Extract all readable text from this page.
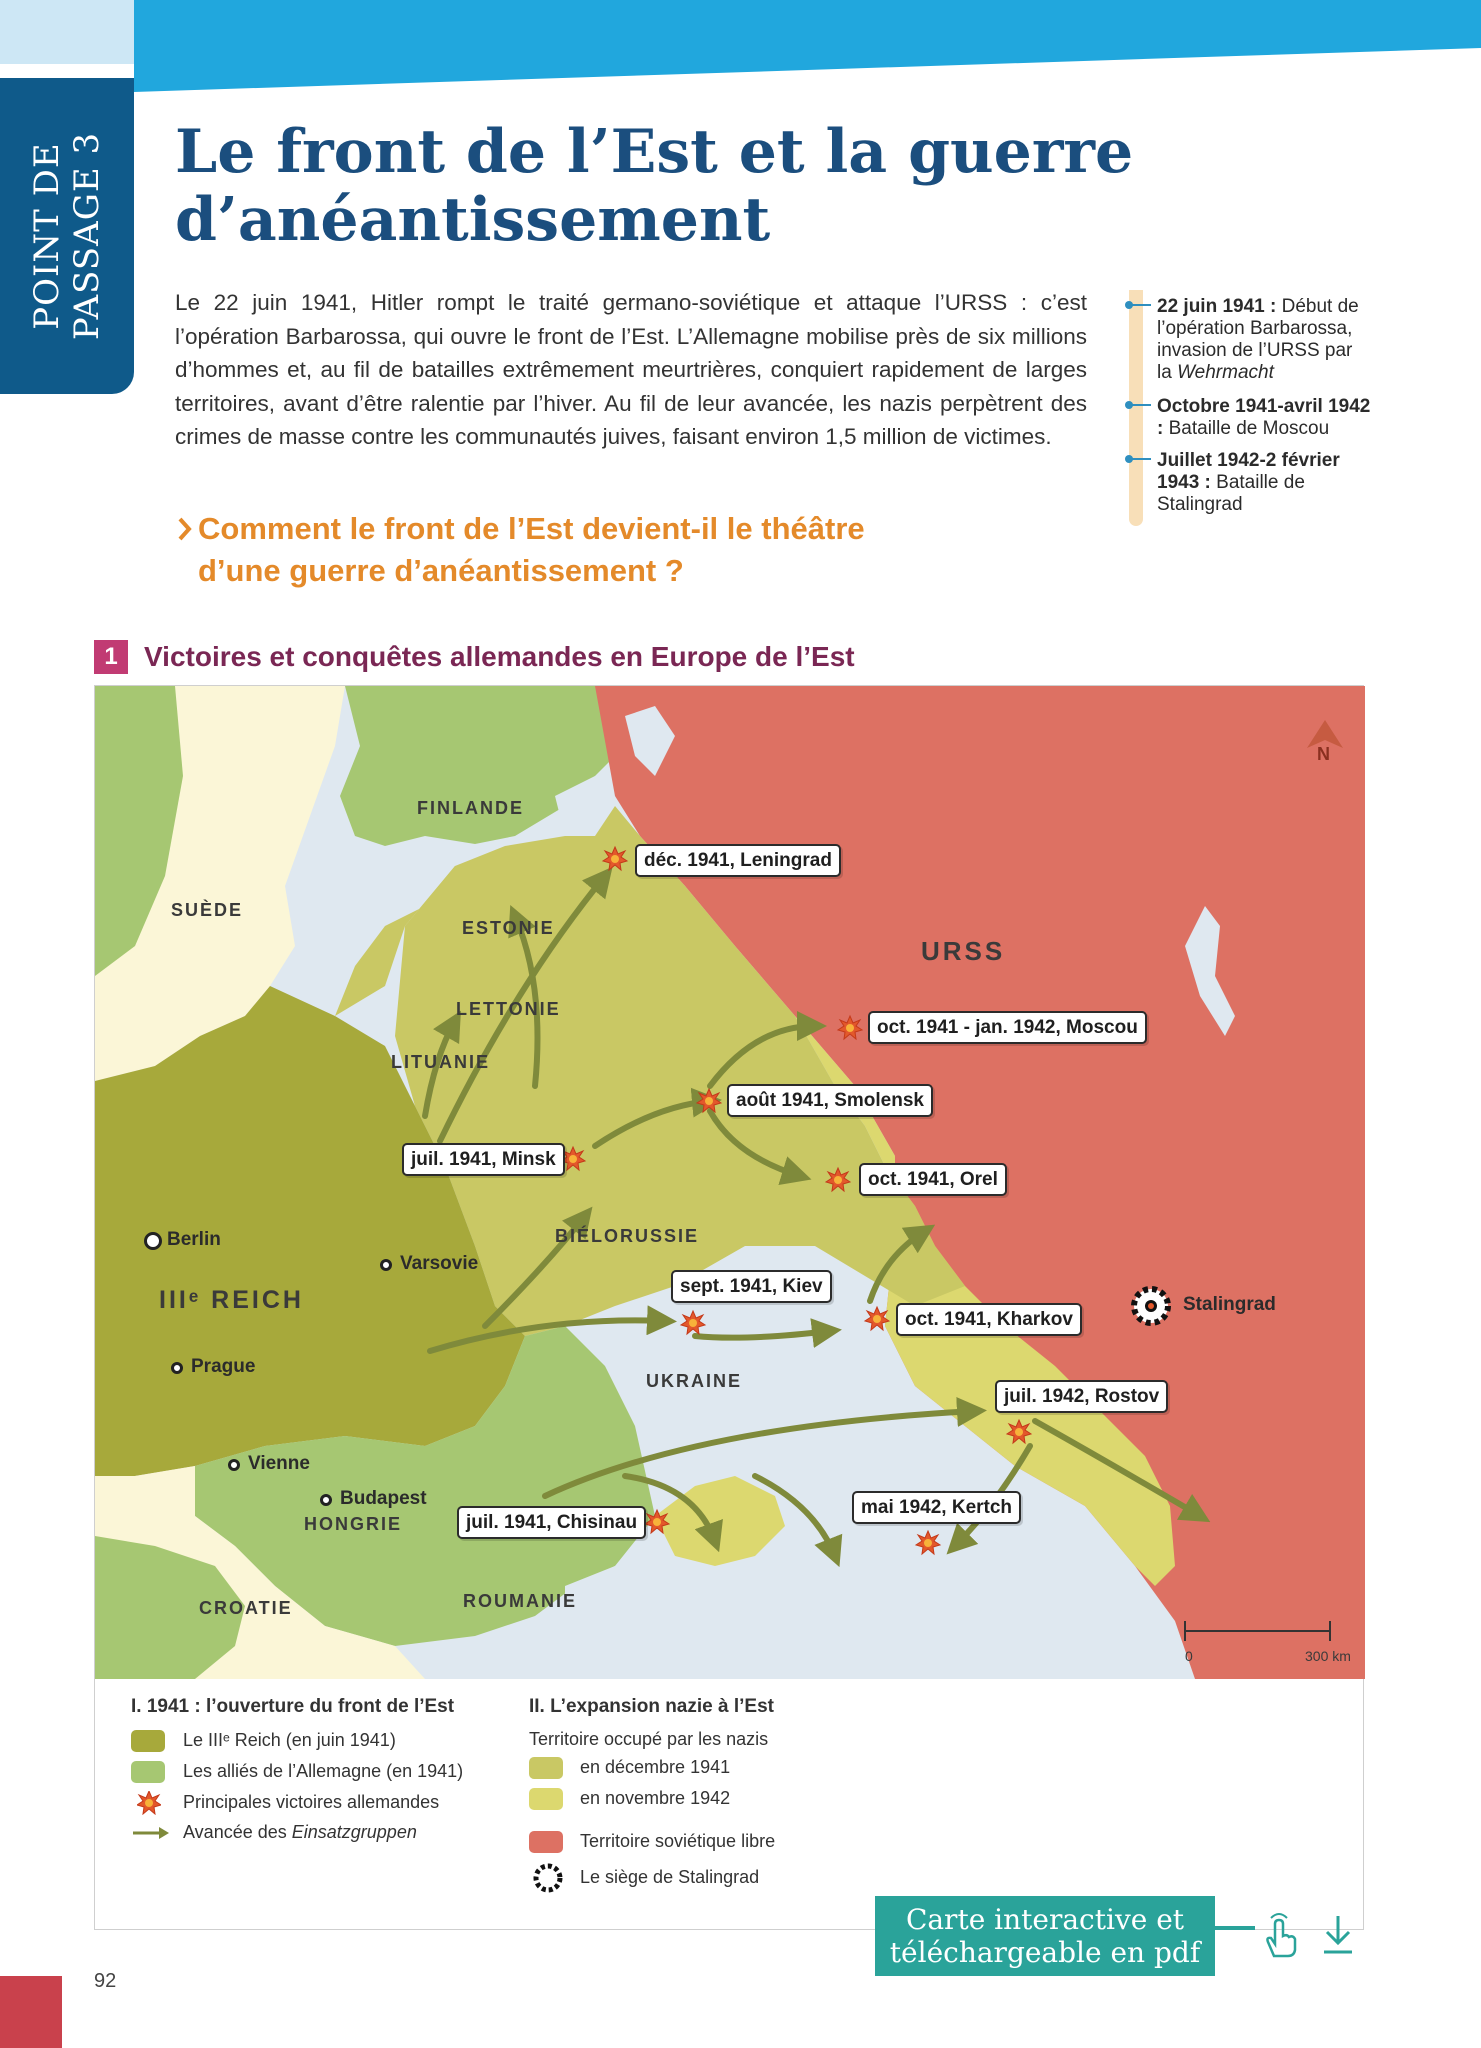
POINT DE PASSAGE 3 Le front de l’Est et la guerre
d’anéantissement

Le 22 juin 1941, Hitler rompt le traité germano-soviétique et attaque l’URSS : c’est l’opération Barbarossa, qui ouvre le front de l’Est. L’Allemagne mobilise près de six millions d’hommes et, au fil de batailles extrêmement meurtrières, conquiert rapidement de larges territoires, avant d’être ralentie par l’hiver. Au fil de leur avancée, les nazis perpètrent des crimes de masse contre les communautés juives, faisant environ 1,5 million de victimes.

Comment le front de l’Est devient-il le théâtre
d’une guerre d’anéantissement ?
22 juin 1941 : Début de l’opération Barbarossa, invasion de l’URSS par la Wehrmacht
Octobre 1941-avril 1942 : Bataille de Moscou
Juillet 1942-2 février 1943 : Bataille de Stalingrad
1 Victoires et conquêtes allemandes en Europe de l’Est
N
0	300 km
FINLANDE
SUÈDE
ESTONIE
LETTONIE
LITUANIE
URSS
BIÉLORUSSIE
IIIᵉ REICH
UKRAINE
HONGRIE
CROATIE	ROUMANIE
Berlin
Varsovie
Prague
Vienne
Budapest
Stalingrad
déc. 1941, Leningrad
oct. 1941 - jan. 1942, Moscou
août 1941, Smolensk
juil. 1941, Minsk
oct. 1941, Orel
sept. 1941, Kiev
oct. 1941, Kharkov
juil. 1942, Rostov
mai 1942, Kertch
juil. 1941, Chisinau
I. 1941 : l’ouverture du front de l’Est
Le IIIᵉ Reich (en juin 1941)
Les alliés de l’Allemagne (en 1941)
Principales victoires allemandes
Avancée des Einsatzgruppen
II. L’expansion nazie à l’Est
Territoire occupé par les nazis
en décembre 1941
en novembre 1942
Territoire soviétique libre
Le siège de Stalingrad
Carte interactive et
téléchargeable en pdf
92
